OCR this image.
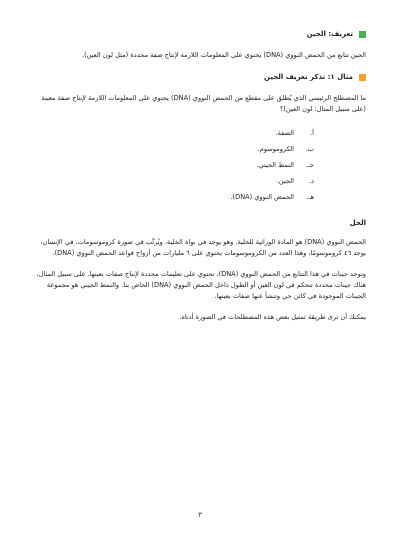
تعريف: الجين

الجين تتابع من الحمض النووي (DNA) يحتوي على المعلومات اللازمة لإنتاج صفة محددة (مثل لون العين).

مثال ١: تذكر تعريف الجين

ما المصطلح الرئيسي الذي يُطلق على مقطع من الحمض النووي (DNA) يحتوي على المعلومات اللازمة لإنتاج صفة معينة (على سبيل المثال: لون العين)؟

أ.
الصفة.
ب.
الكروموسوم.
جـ.
النمط الجيني.
د.
الجين.
هـ.
الحمض النووي (DNA).
الحل

الحمض النووي (DNA) هو المادة الوراثية للخلية. وهو يوجد في نواة الخلية، ويُرتَّب في صورة كروموسومات. في الإنسان، يوجد ٤٦ كروموسومًا، وهذا العدد من الكروموسومات يحتوي على ٦ مليارات من أزواج قواعد الحمض النووي (DNA).

وتوجد جينات في هذا التتابع من الحمض النووي (DNA)، تحتوي على تعليمات محددة لإنتاج صفات بعينها. على سبيل المثال، هناك جينات محددة تتحكم في لون العين أو الطول داخل الحمض النووي (DNA) الخاص بنا. والنمط الجيني هو مجموعة الجينات الموجودة في كائن حي وتنشأ عنها صفات بعينها.

يمكنك أن ترى طريقة تمثيل بعض هذه المصطلحات في الصورة أدناه.

٣
